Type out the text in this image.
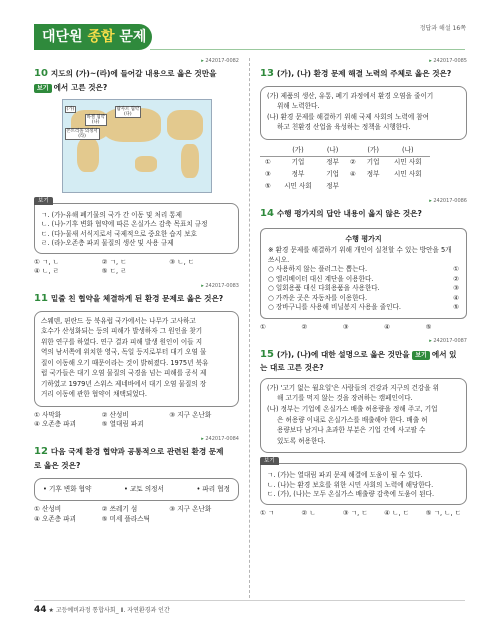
대단원 종합 문제
정답과 해설 16쪽
▸ 242017-0082
10 지도의 (가)~(라)에 들어갈 내용으로 옳은 것만을
보기 에서 고른 것은?
(가)
몬트리올 의정서
(라)
바젤 협약
(나)
람사르 협약
(다)
보기

ㄱ. (가)-유해 폐기물의 국가 간 이동 및 처리 통제

ㄴ. (나)-기후 변화 협약에 따른 온실가스 감축 목표치 규정

ㄷ. (다)-물새 서식지로서 국제적으로 중요한 습지 보호

ㄹ. (라)-오존층 파괴 물질의 생산 및 사용 규제

① ㄱ, ㄴ	② ㄱ, ㄷ	③ ㄴ, ㄷ
④ ㄴ, ㄹ	⑤ ㄷ, ㄹ
▸ 242017-0083
11 밑줄 친 협약을 체결하게 된 환경 문제로 옳은 것은?

스웨덴, 핀란드 등 북유럽 국가에서는 나무가 고사하고

호수가 산성화되는 등의 피해가 발생하자 그 원인을 찾기

위한 연구를 하였다. 연구 결과 피해 발생 원인이 이들 지

역의 남서쪽에 위치한 영국, 독일 등지로부터 대기 오염 물

질이 이동해 오기 때문이라는 것이 밝혀졌다. 1975년 북유

럽 국가들은 대기 오염 물질의 국경을 넘는 피해를 공식 제

기하였고 1979년 스위스 제네바에서 대기 오염 물질의 장

거리 이동에 관한 협약이 채택되었다.

① 사막화	② 산성비	③ 지구 온난화
④ 오존층 파괴	⑤ 열대림 파괴
▸ 242017-0084
12 다음 국제 환경 협약과 공통적으로 관련된 환경 문제
로 옳은 것은?
• 기후 변화 협약	• 교토 의정서	• 파리 협정
① 산성비	② 쓰레기 섬	③ 지구 온난화
④ 오존층 파괴	⑤ 미세 플라스틱
▸ 242017-0085
13 (가), (나) 환경 문제 해결 노력의 주체로 옳은 것은?

(가) 제품의 생산, 유통, 폐기 과정에서 환경 오염을 줄이기

위해 노력한다.

(나) 환경 문제를 해결하기 위해 국제 사회의 노력에 참여

하고 친환경 산업을 육성하는 정책을 시행한다.

	(가)	(나)		(가)	(나)
①	기업	정부	②	기업	시민 사회
③	정부	기업	④	정부	시민 사회
⑤	시민 사회	정부			
▸ 242017-0086
14 수행 평가지의 답안 내용이 옳지 않은 것은?
수행 평가지

※ 환경 문제를 해결하기 위해 개인이 실천할 수 있는 방안을 5개 쓰시오.

○ 사용하지 않는 플러그는 뽑는다.	①
○ 엘리베이터 대신 계단을 이용한다.	②
○ 일회용품 대신 다회용품을 사용한다.	③
○ 가까운 곳은 자동차를 이용한다.	④
○ 장바구니를 사용해 비닐봉지 사용을 줄인다.	⑤
①	②	③	④	⑤
▸ 242017-0087
15 (가), (나)에 대한 설명으로 옳은 것만을 보기 에서 있
는 대로 고른 것은?

(가) '고기 없는 월요일'은 사람들의 건강과 지구의 건강을 위

해 고기를 먹지 않는 것을 장려하는 캠페인이다.

(나) 정부는 기업에 온실가스 배출 허용량을 정해 주고, 기업

은 허용량 이내로 온실가스를 배출해야 한다. 배출 허

용량보다 남거나 초과한 부분은 기업 간에 사고팔 수

있도록 허용한다.

보기

ㄱ. (가)는 열대림 파괴 문제 해결에 도움이 될 수 있다.

ㄴ. (나)는 환경 보호를 위한 시민 사회의 노력에 해당한다.

ㄷ. (가), (나)는 모두 온실가스 배출량 감축에 도움이 된다.

① ㄱ	② ㄴ	③ ㄱ, ㄷ	④ ㄴ, ㄷ	⑤ ㄱ, ㄴ, ㄷ
44 ★ 고등예비과정 통합사회_ Ⅱ. 자연환경과 인간
